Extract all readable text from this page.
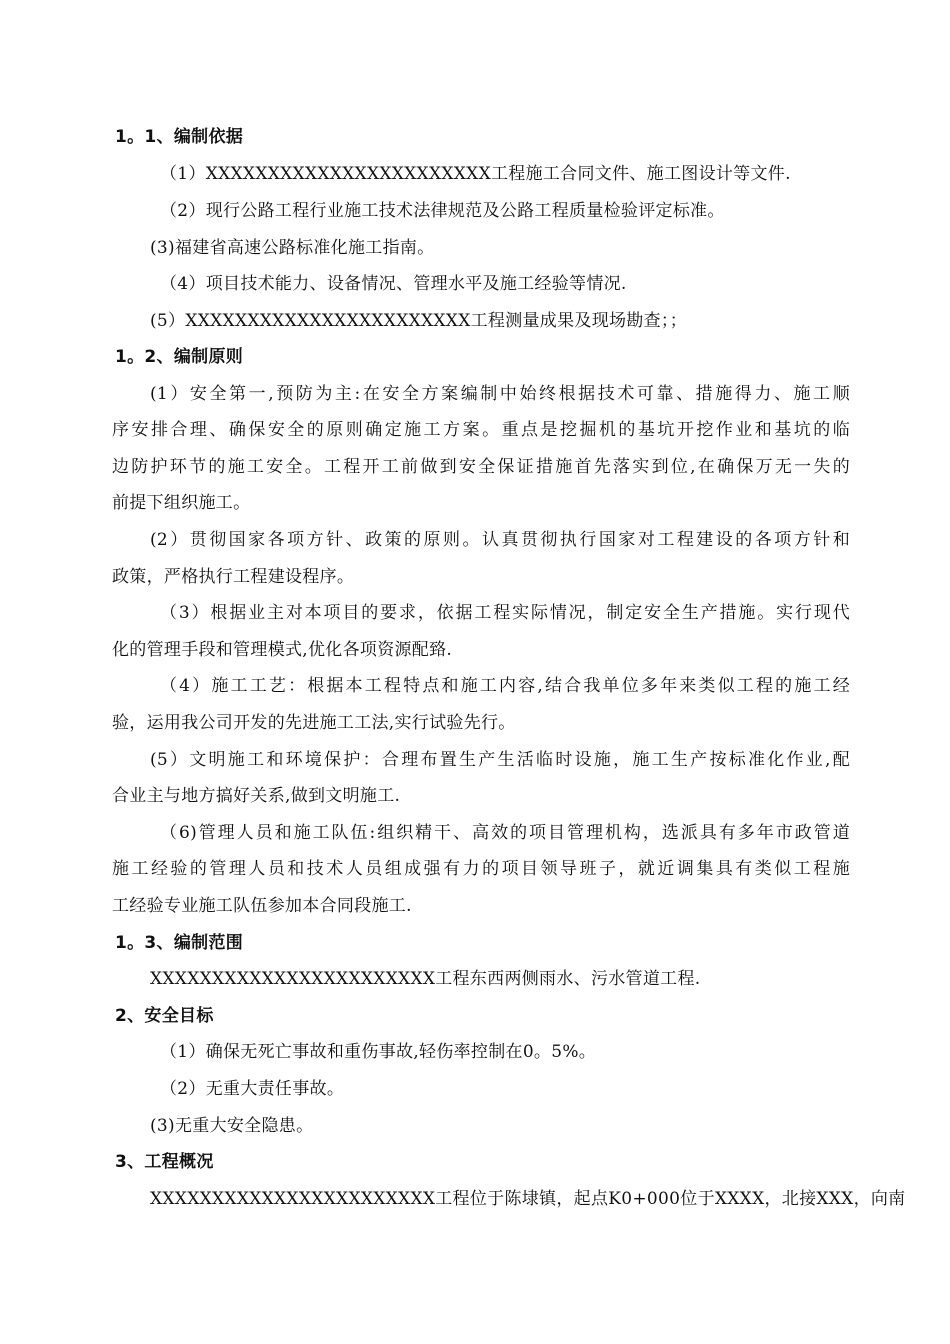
1。1、编制依据
（1）XXXXXXXXXXXXXXXXXXXXXXX工程施工合同文件、施工图设计等文件.
（2）现行公路工程行业施工技术法律规范及公路工程质量检验评定标准。
(3)福建省高速公路标准化施工指南。
（4）项目技术能力、设备情况、管理水平及施工经验等情况.
(5）XXXXXXXXXXXXXXXXXXXXXXX工程测量成果及现场勘查；；
1。2、编制原则
(1）安全第一,预防为主:在安全方案编制中始终根据技术可靠、措施得力、施工顺
序安排合理、确保安全的原则确定施工方案。重点是挖掘机的基坑开挖作业和基坑的临
边防护环节的施工安全。工程开工前做到安全保证措施首先落实到位,在确保万无一失的
前提下组织施工。
(2）贯彻国家各项方针、政策的原则。认真贯彻执行国家对工程建设的各项方针和
政策，严格执行工程建设程序。
（3）根据业主对本项目的要求，依据工程实际情况，制定安全生产措施。实行现代
化的管理手段和管理模式,优化各项资源配臵.
（4）施工工艺：根据本工程特点和施工内容,结合我单位多年来类似工程的施工经
验，运用我公司开发的先进施工工法,实行试验先行。
(5）文明施工和环境保护：合理布置生产生活临时设施，施工生产按标准化作业,配
合业主与地方搞好关系,做到文明施工.
（6)管理人员和施工队伍:组织精干、高效的项目管理机构，选派具有多年市政管道
施工经验的管理人员和技术人员组成强有力的项目领导班子，就近调集具有类似工程施
工经验专业施工队伍参加本合同段施工.
1。3、编制范围
XXXXXXXXXXXXXXXXXXXXXXX工程东西两侧雨水、污水管道工程.
2、安全目标
（1）确保无死亡事故和重伤事故,轻伤率控制在0。5%。
（2）无重大责任事故。
(3)无重大安全隐患。
3、工程概况
XXXXXXXXXXXXXXXXXXXXXXX工程位于陈埭镇，起点K0+000位于XXXX，北接XXX，向南
